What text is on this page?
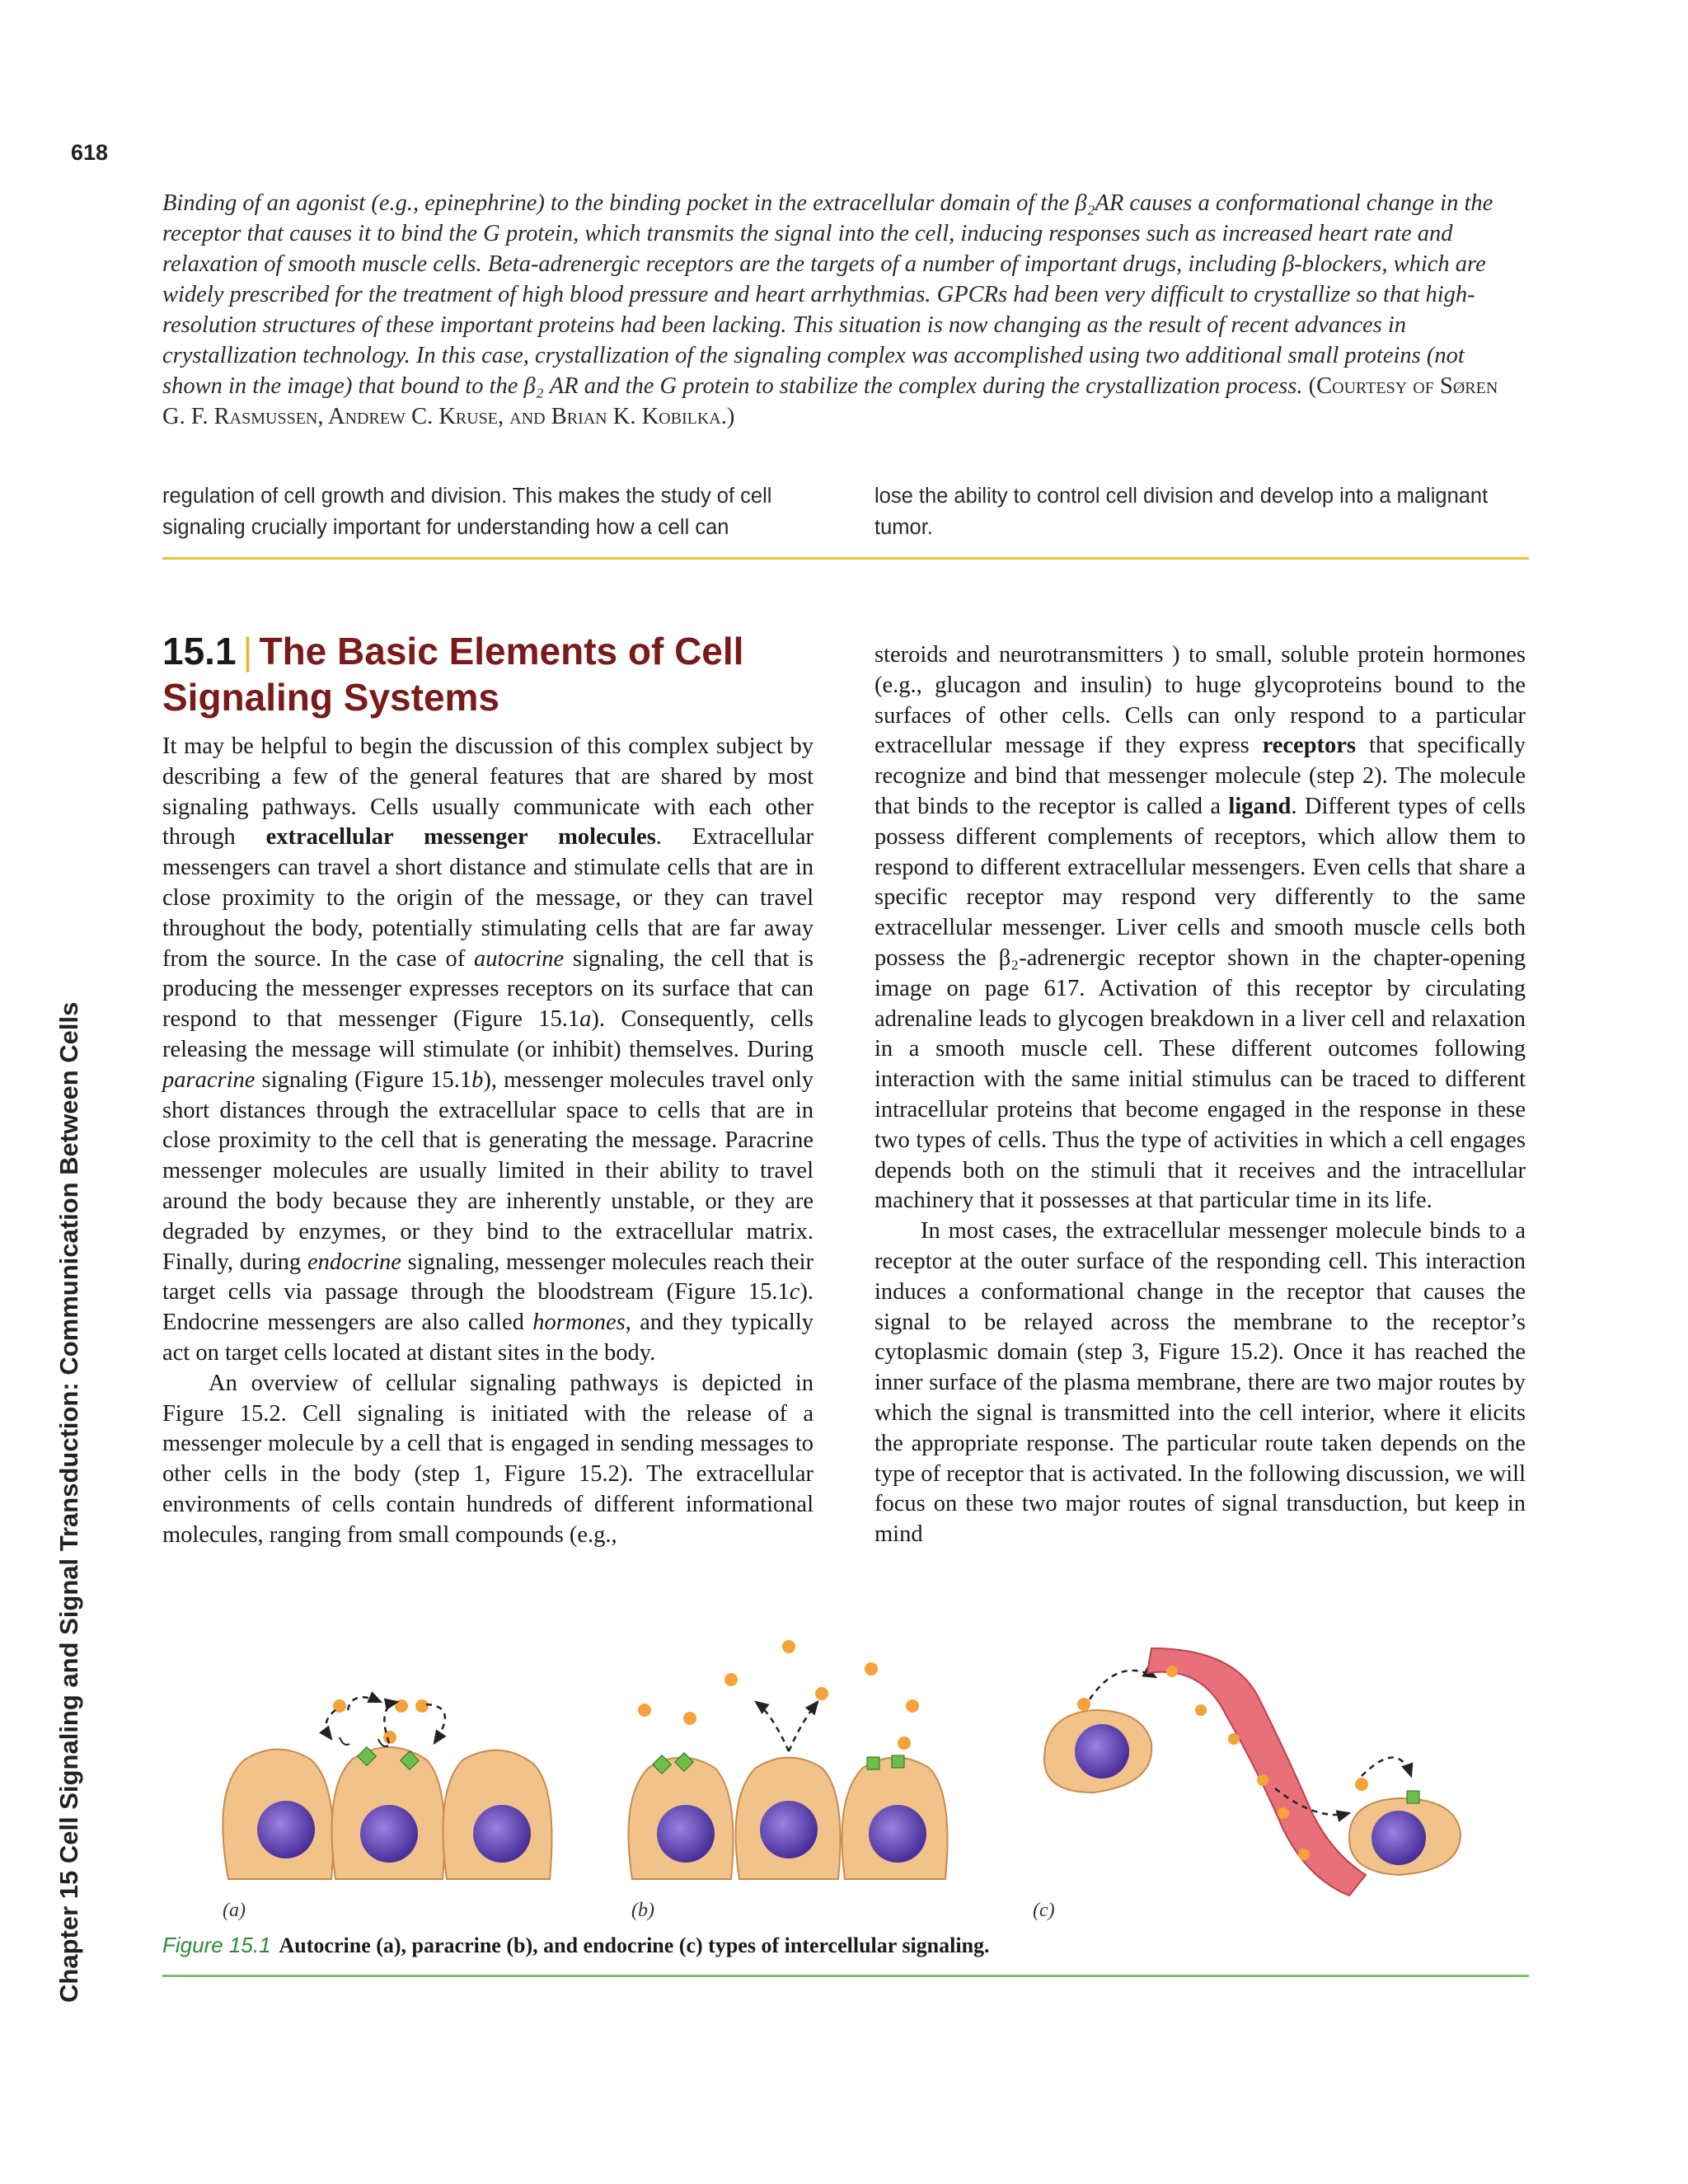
618
Chapter 15 Cell Signaling and Signal Transduction: Communication Between Cells
Binding of an agonist (e.g., epinephrine) to the binding pocket in the extracellular domain of the β₂AR causes a conformational change in the receptor that causes it to bind the G protein, which transmits the signal into the cell, inducing responses such as increased heart rate and relaxation of smooth muscle cells. Beta-adrenergic receptors are the targets of a number of important drugs, including β-blockers, which are widely prescribed for the treatment of high blood pressure and heart arrhythmias. GPCRs had been very difficult to crystallize so that high-resolution structures of these important proteins had been lacking. This situation is now changing as the result of recent advances in crystallization technology. In this case, crystallization of the signaling complex was accomplished using two additional small proteins (not shown in the image) that bound to the β₂ AR and the G protein to stabilize the complex during the crystallization process. (Courtesy of Søren G. F. Rasmussen, Andrew C. Kruse, and Brian K. Kobilka.)
regulation of cell growth and division. This makes the study of cell signaling crucially important for understanding how a cell can
lose the ability to control cell division and develop into a malignant tumor.
15.1 | The Basic Elements of Cell Signaling Systems

It may be helpful to begin the discussion of this complex subject by describing a few of the general features that are shared by most signaling pathways. Cells usually communicate with each other through extracellular messenger molecules. Extracellular messengers can travel a short distance and stimulate cells that are in close proximity to the origin of the message, or they can travel throughout the body, potentially stimulating cells that are far away from the source. In the case of autocrine signaling, the cell that is producing the messenger expresses receptors on its surface that can respond to that messenger (Figure 15.1a). Consequently, cells releasing the message will stimulate (or inhibit) themselves. During paracrine signaling (Figure 15.1b), messenger molecules travel only short distances through the extracellular space to cells that are in close proximity to the cell that is generating the message. Paracrine messenger molecules are usually limited in their ability to travel around the body because they are inherently unstable, or they are degraded by enzymes, or they bind to the extracellular matrix. Finally, during endocrine signaling, messenger molecules reach their target cells via passage through the bloodstream (Figure 15.1c). Endocrine messengers are also called hormones, and they typically act on target cells located at distant sites in the body.

An overview of cellular signaling pathways is depicted in Figure 15.2. Cell signaling is initiated with the release of a messenger molecule by a cell that is engaged in sending messages to other cells in the body (step 1, Figure 15.2). The extracellular environments of cells contain hundreds of different informational molecules, ranging from small compounds (e.g.,

steroids and neurotransmitters ) to small, soluble protein hormones (e.g., glucagon and insulin) to huge glycoproteins bound to the surfaces of other cells. Cells can only respond to a particular extracellular message if they express receptors that specifically recognize and bind that messenger molecule (step 2). The molecule that binds to the receptor is called a ligand. Different types of cells possess different complements of receptors, which allow them to respond to different extracellular messengers. Even cells that share a specific receptor may respond very differently to the same extracellular messenger. Liver cells and smooth muscle cells both possess the β₂-adrenergic receptor shown in the chapter-opening image on page 617. Activation of this receptor by circulating adrenaline leads to glycogen breakdown in a liver cell and relaxation in a smooth muscle cell. These different outcomes following interaction with the same initial stimulus can be traced to different intracellular proteins that become engaged in the response in these two types of cells. Thus the type of activities in which a cell engages depends both on the stimuli that it receives and the intracellular machinery that it possesses at that particular time in its life.

In most cases, the extracellular messenger molecule binds to a receptor at the outer surface of the responding cell. This interaction induces a conformational change in the receptor that causes the signal to be relayed across the membrane to the receptor’s cytoplasmic domain (step 3, Figure 15.2). Once it has reached the inner surface of the plasma membrane, there are two major routes by which the signal is transmitted into the cell interior, where it elicits the appropriate response. The particular route taken depends on the type of receptor that is activated. In the following discussion, we will focus on these two major routes of signal transduction, but keep in mind

(a)	(b)	(c)
Figure 15.1 Autocrine (a), paracrine (b), and endocrine (c) types of intercellular signaling.
